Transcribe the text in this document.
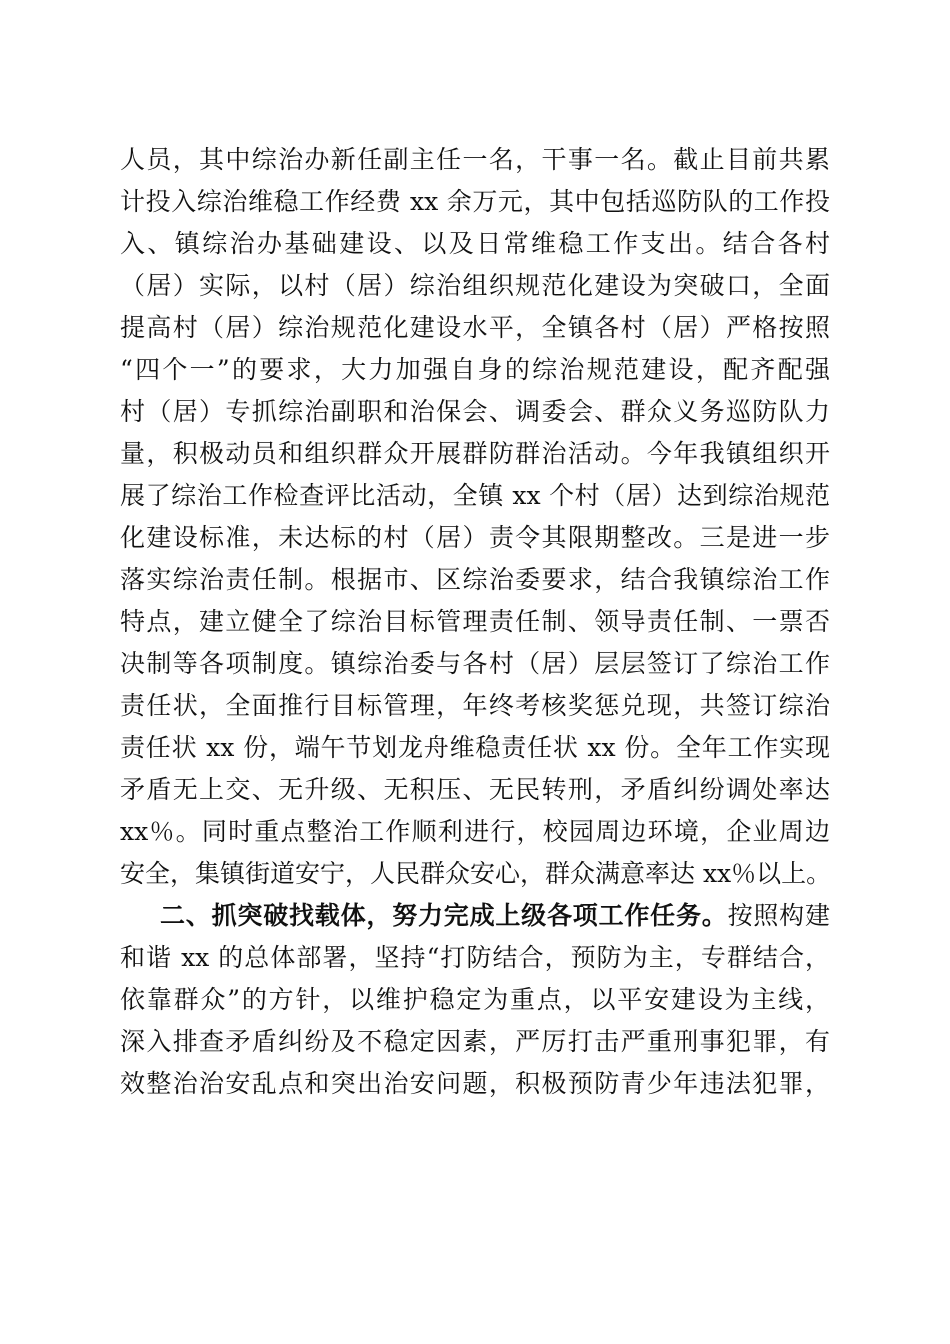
人员，其中综治办新任副主任一名，干事一名。截止目前共累
计投入综治维稳工作经费 xx 余万元，其中包括巡防队的工作投
入、镇综治办基础建设、以及日常维稳工作支出。结合各村
（居）实际，以村（居）综治组织规范化建设为突破口，全面
提高村（居）综治规范化建设水平，全镇各村（居）严格按照
“四个一”的要求，大力加强自身的综治规范建设，配齐配强
村（居）专抓综治副职和治保会、调委会、群众义务巡防队力
量，积极动员和组织群众开展群防群治活动。今年我镇组织开
展了综治工作检查评比活动，全镇 xx 个村（居）达到综治规范
化建设标准，未达标的村（居）责令其限期整改。三是进一步
落实综治责任制。根据市、区综治委要求，结合我镇综治工作
特点，建立健全了综治目标管理责任制、领导责任制、一票否
决制等各项制度。镇综治委与各村（居）层层签订了综治工作
责任状，全面推行目标管理，年终考核奖惩兑现，共签订综治
责任状 xx 份，端午节划龙舟维稳责任状 xx 份。全年工作实现
矛盾无上交、无升级、无积压、无民转刑，矛盾纠纷调处率达
xx％。同时重点整治工作顺利进行，校园周边环境，企业周边
安全，集镇街道安宁，人民群众安心，群众满意率达 xx％以上。
二、抓突破找载体，努力完成上级各项工作任务。按照构建
和谐 xx 的总体部署，坚持“打防结合，预防为主，专群结合，
依靠群众”的方针，以维护稳定为重点，以平安建设为主线，
深入排查矛盾纠纷及不稳定因素，严厉打击严重刑事犯罪，有
效整治治安乱点和突出治安问题，积极预防青少年违法犯罪，
